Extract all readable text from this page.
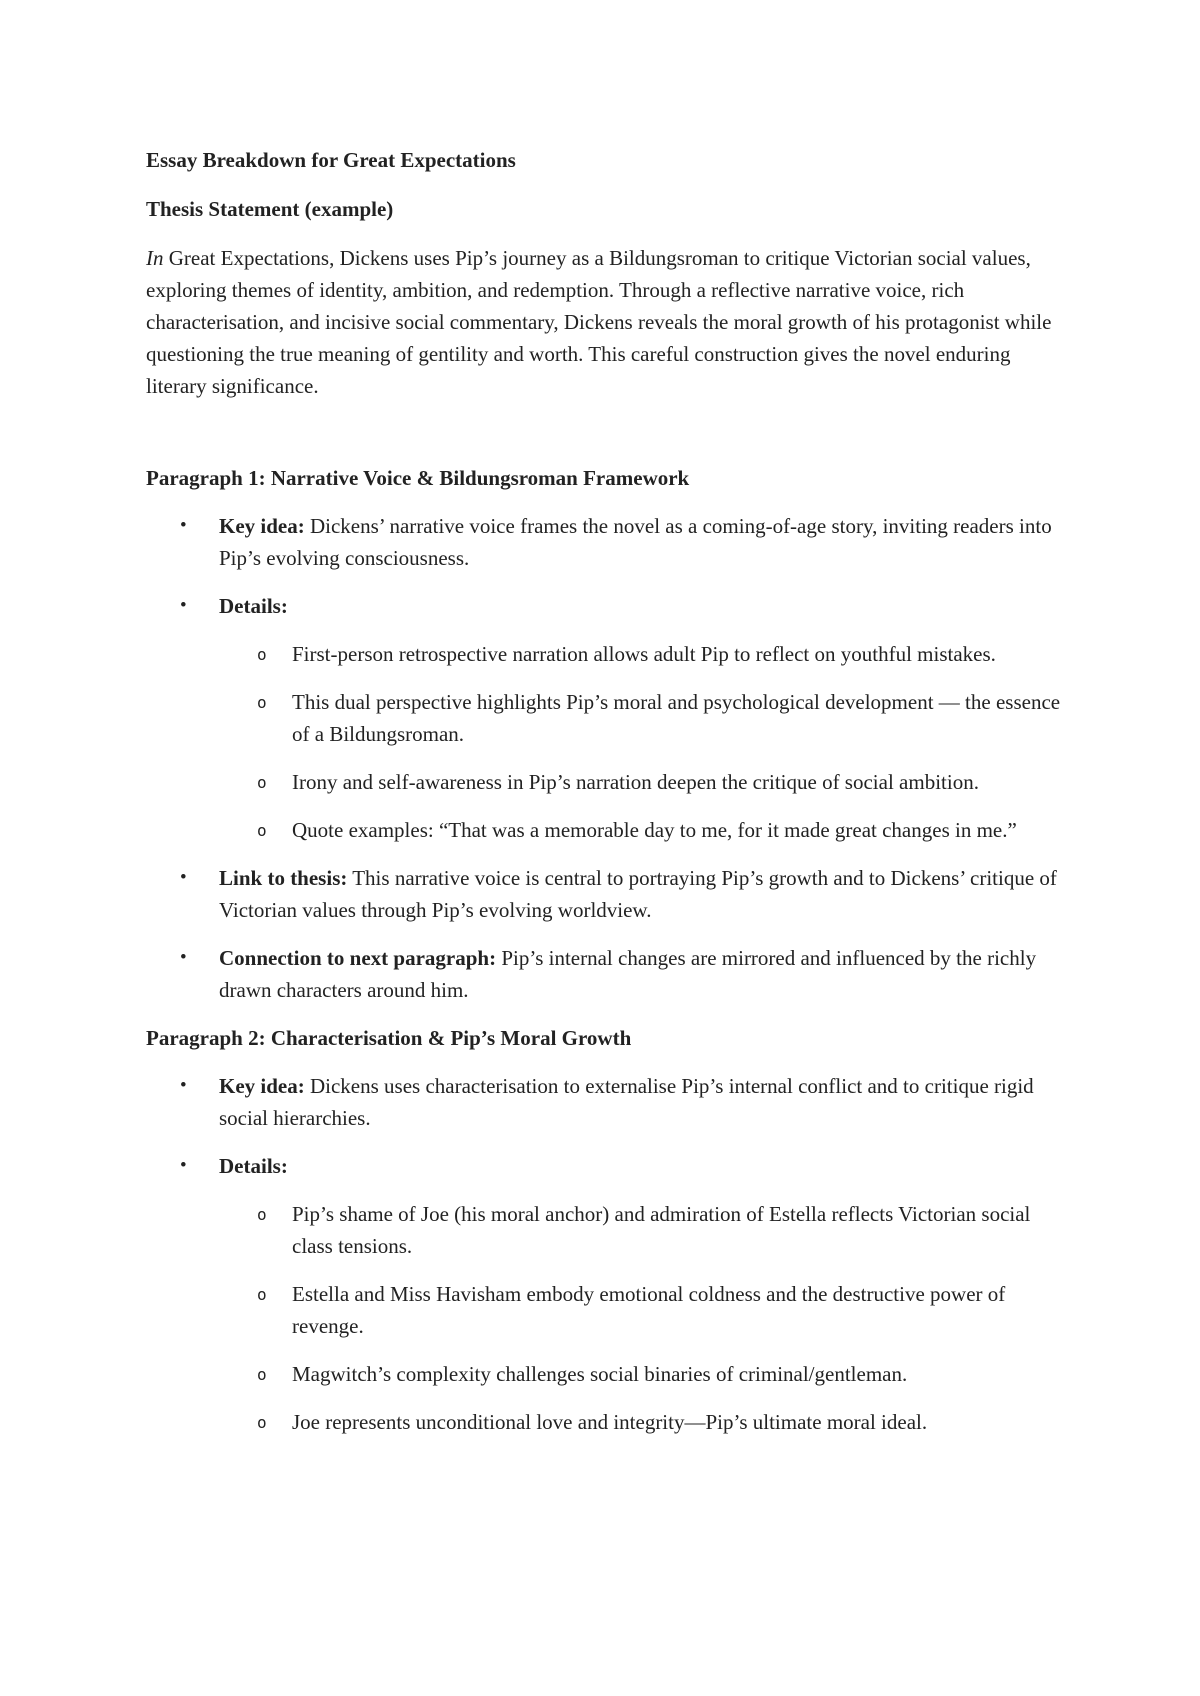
Essay Breakdown for Great Expectations

Thesis Statement (example)

In Great Expectations, Dickens uses Pip’s journey as a Bildungsroman to critique Victorian social values, exploring themes of identity, ambition, and redemption. Through a reflective narrative voice, rich characterisation, and incisive social commentary, Dickens reveals the moral growth of his protagonist while questioning the true meaning of gentility and worth. This careful construction gives the novel enduring literary significance.

Paragraph 1: Narrative Voice & Bildungsroman Framework

• Key idea: Dickens’ narrative voice frames the novel as a coming-of-age story, inviting readers into Pip’s evolving consciousness.
• Details:
o First-person retrospective narration allows adult Pip to reflect on youthful mistakes.
o This dual perspective highlights Pip’s moral and psychological development — the essence of a Bildungsroman.
o Irony and self-awareness in Pip’s narration deepen the critique of social ambition.
o Quote examples: “That was a memorable day to me, for it made great changes in me.”
• Link to thesis: This narrative voice is central to portraying Pip’s growth and to Dickens’ critique of Victorian values through Pip’s evolving worldview.
• Connection to next paragraph: Pip’s internal changes are mirrored and influenced by the richly drawn characters around him.

Paragraph 2: Characterisation & Pip’s Moral Growth

• Key idea: Dickens uses characterisation to externalise Pip’s internal conflict and to critique rigid social hierarchies.
• Details:
o Pip’s shame of Joe (his moral anchor) and admiration of Estella reflects Victorian social class tensions.
o Estella and Miss Havisham embody emotional coldness and the destructive power of revenge.
o Magwitch’s complexity challenges social binaries of criminal/gentleman.
o Joe represents unconditional love and integrity—Pip’s ultimate moral ideal.
